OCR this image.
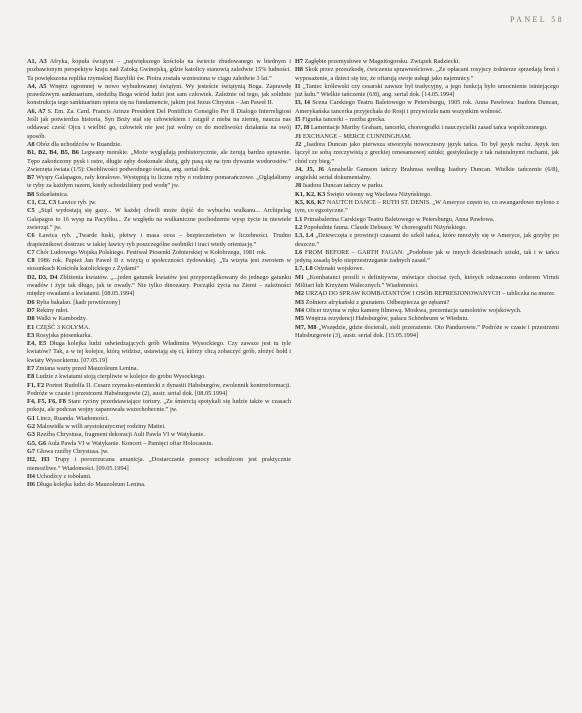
PANEL 58

A1, A3 Afryka, kopuła świątyni – „największego kościoła na świecie zbudowanego w biednym i pozbawionym perspektyw kraju nad Zatoką Gwinejską, gdzie katolicy stanowią zaledwie 15% ludności. Ta powiększona replika rzymskiej Bazyliki św. Piotra została wzniesiona w ciągu zaledwie 3 lat.”

A4, A5 Wnętrz ogromnej w nowo wybudowanej świątyni. Wy jesteście świątynią Boga. Zaprawdę prawdziwym sanktuarium, siedzibą Boga wśród ludzi jest sam człowiek. Zależnie od tego, jak solidnie konstrukcja tego sanktuarium opiera się na fundamencie, jakim jest Jezus Chrystus – Jan Paweł II.

A6, A7 S. Em. Za. Card. Francis Arinze President Del Pontificio Consiglio Per Il Dialogo Interreligiosi Jeśli jak potwierdza historia, Syn Boży stał się człowiekiem i zstąpił z nieba na ziemię, naucza nas oddawać cześć Ojcu i wielbić go, człowiek nie jest już wolny co do możliwości działania na swój sposób.

A8 Obóz dla uchodźców w Ruandzie.

B1, B2, B4, B5, B6 Legwany morskie. „Może wyglądają prehistorycznie, ale żerują bardzo sprawnie. Tępo zakończony pysk i ostre, długie zęby doskonale służą, gdy pasą się na tym dywanie wodorostów.” Zwierzęta świata (1/5): Osobliwości podwodnego świata, ang. serial dok.

B7 Wyspy Galapagos, rafy koralowe. Występują tu liczne ryby o rodzimy pomarańczowe. „Oglądalismy te ryby za każdym razem, kiedy schodziliśmy pod wodę” jw.

B8 Szkarłatnica.

C1, C2, C3 Ławice ryb. jw.

C5 „Stąd wydostają się gazy... W każdej chwili może dojść do wybuchu wulkanu... Archipelag Galapagos to 16 wysp na Pacyfiku... Ze względu na wulkaniczne pochodzenie wysp życie tu niewiele zwierząt.” jw.

C6 Ławica ryb. „Twarde łuski, płetwy i masa ocea – bezpieczeństwo w liczebności. Trudno drapieżnikowi dostrzec w takiej ławicy ryb poszczególne osobniki i traci wtedy orientację.”

C7 Chór Ludowego Wojska Polskiego. Festiwal Piosenki Żołnierskiej w Kołobrzegu, 1981 rok.

C8 1986 rok. Papież Jan Paweł II z wizytą u społeczności żydowskiej. „Ta wizyta jest zwrotem w stosunkach Kościoła katolickiego z Żydami”

D2, D3, D4 Zbliżenia kwiatów. „...jeden gatunek kwiatów jest przyporządkowany do jednego gatunku owadów i żyje tak długo, jak te owady.” Nie tylko dinozaury. Początki życia na Ziemi – zależności między owadami a kwiatami. [08.05.1994]

D6 Ryba bakałao. [kadr powtórzony]

D7 Rekiny młot.

D8 Walki w Kambodży.

E1 CZĘŚĆ 3 KOLYMA.

E3 Rosyjska piosenkarka.

E4, E5 Długa kolejka ludzi odwiedzających grób Władimira Wysockiego. Czy zawsze jest tu tyle kwiatów? Tak, a w tej kolejce, którą widzisz, ustawiają się ci, którzy chcą zobaczyć grób, złożyć hołd i kwiaty Wysockiemu. [07.05.19]

E7 Zmiana warty przed Mauzoleum Lenina.

E8 Ludzie z kwiatami stoją cierpliwie w kolejce do grobu Wysockiego.

F1, F2 Portret Rudolfa II. Cesarz rzymsko-niemiecki z dynastii Habsburgów, zwolennik kontrreformacji. Podróże w czasie i przestrzeni Habsburgowie (2), austr. serial dok. [08.05.1994]

F4, F5, F6, F8 Stare ryciny przedstawiające tortury. „Ze śmiercią spotykali się ludzie także w czasach pokoju, ale podczas wojny zapanowała wszechobecnie.” jw.

G1 Lincz, Ruanda. Wiadomości.

G2 Malowidła w willi arystokratycznej rodziny Mattei.

G3 Rzeźba Chrystusa, fragment dekoracji Auli Pawła VI w Watykanie.

G5, G6 Aula Pawła VI w Watykanie. Koncert – Pamięci ofiar Holocaustu.

G7 Głowa rzeźby Chrystusa. jw.

H2, H3 Trupy i porozrzucana amunicja. „Dostarczanie pomocy uchodźcom jest praktycznie niemożliwe.” Wiadomości. [09.05.1994]

H4 Uchodźcy z tobołami.

H6 Długa kolejka ludzi do Mauzoleum Lenina.

H7 Zagłębie przemysłowe w Magnitogorsku. Związek Radziecki.

H8 Skok przez przeszkodę, ćwiczenia sprawnościowe. „Ze opłacani rosyjscy żołnierze sprzedają broń i wyposażenie, a dzieci się tez, że ofiarują swoje usługi jako najemnicy.”

I1 „Taniec królewski czy cesarski zawsze był tradycyjny, a jego funkcją było umocnienie istniejącego już ładu.” Wielkie tańczenie (6/8), ang. serial dok. [14.05.1994]

I3, I4 Scena Carskiego Teatru Baletowego w Petersburgu, 1905 rok. Anna Pawłowa: Isadora Duncan, Amerykańska tancerka przyjechała do Rosji i przywiozła nam wszystkim wolność.

I5 Figurka tancerki – rzeźba grecka.

I7, I8 Lamentacje Marthy Graham, tancerki, choreografki i nauczycielki zasad tańca współczesnego.

J1 EXCHANGE – MERCE CUNNINGHAM.

J2 „Isadora Duncan jako pierwsza stworzyła nowoczesny język tańca. To był język ruchu. Język ten łączył ze sobą rzeczywistą z greckiej renesansowej sztuki; gestykulację z tak naturalnymi ruchami, jak chód czy bieg.”

J4, J5, J6 Annabelle Gamson tańczy Brahmsa według Isadory Duncan. Wielkie tańczenie (6/8), angielski serial dokumentalny.

J8 Isadora Duncan tańczy w parku.

K1, K2, K3 Święto wiosny wg Wacława Niżyńskiego.

K5, K6, K7 NAUTCH DANCE – RUTH ST. DENIS. „W Ameryce często to, co awangardowe mylono z tym, co egzotyczne.”

L1 Primabalerina Carskiego Teatru Baletowego w Petersburgu, Anna Pawłowa.

L2 Popołudnie fauna. Claude Debussy. W choreografii Niżyńskiego.

L3, L4 „Dziewczęta z prowincji czasami do szkół tańca, które mnożyły się w Ameryce, jak grzyby po deszczu.”

L6 FROM BEFORE – GARTH FAGAN. „Podobnie jak w innych dziedzinach sztuki, tak i w tańcu jedyną zasadą było nieprzestrzeganie żadnych zasad.”

L7, L8 Odznaki wojskowe.

M1 „Kombatanci prosili o definitywne, mówiące chociaż tych, których odznaczono orderem Virtuti Militari lub Krzyżem Walecznych.” Wiadomości.

M2 URZĄD DO SPRAW KOMBATANTÓW I OSÓB REPRESJONOWANYCH – tabliczka na murze.

M3 Żołnierz afrykański z granatem. Odbezpiecza go zębami?

M4 Oficer trzyma w ręku kamerę filmową. Moskwa, prezentacja samolotów wojskowych.

M5 Wnętrza rezydencji Habsburgów, pałacu Schönbrunn w Wiedniu.

M7, M8 „Wszędzie, gdzie docierali, sieli przerażenie. Oto Pandurowie.” Podróże w czasie i przestrzeni Habsburgowie (3), austr. serial dok. [15.05.1994]
